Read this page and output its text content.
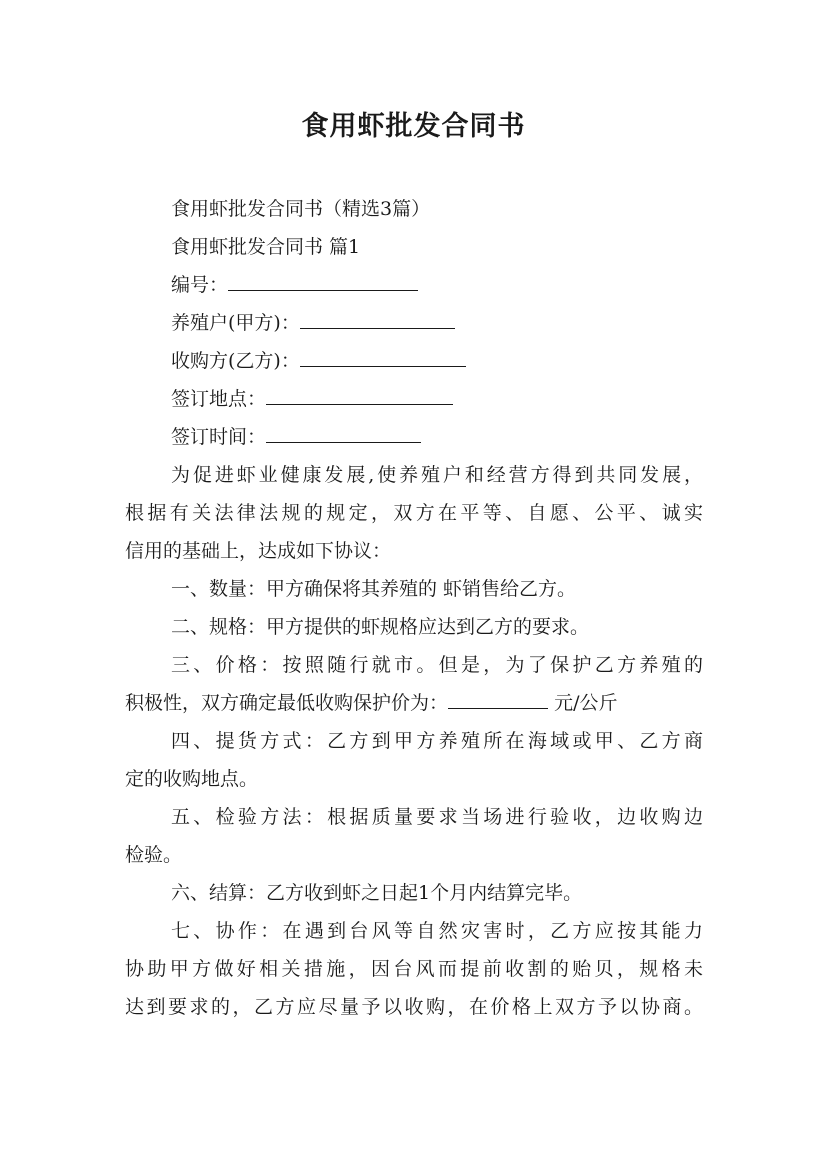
食用虾批发合同书
食用虾批发合同书（精选3篇）
食用虾批发合同书 篇1
编号：
养殖户(甲方)：
收购方(乙方)：
签订地点：
签订时间：
为促进虾业健康发展,使养殖户和经营方得到共同发展，
根据有关法律法规的规定，双方在平等、自愿、公平、诚实
信用的基础上，达成如下协议：
一、数量：甲方确保将其养殖的 虾销售给乙方。
二、规格：甲方提供的虾规格应达到乙方的要求。
三、价格：按照随行就市。但是，为了保护乙方养殖的
积极性，双方确定最低收购保护价为：	元/公斤
四、提货方式：乙方到甲方养殖所在海域或甲、乙方商
定的收购地点。
五、检验方法：根据质量要求当场进行验收，边收购边
检验。
六、结算：乙方收到虾之日起1个月内结算完毕。
七、协作：在遇到台风等自然灾害时，乙方应按其能力
协助甲方做好相关措施，因台风而提前收割的贻贝，规格未
达到要求的，乙方应尽量予以收购，在价格上双方予以协商。
